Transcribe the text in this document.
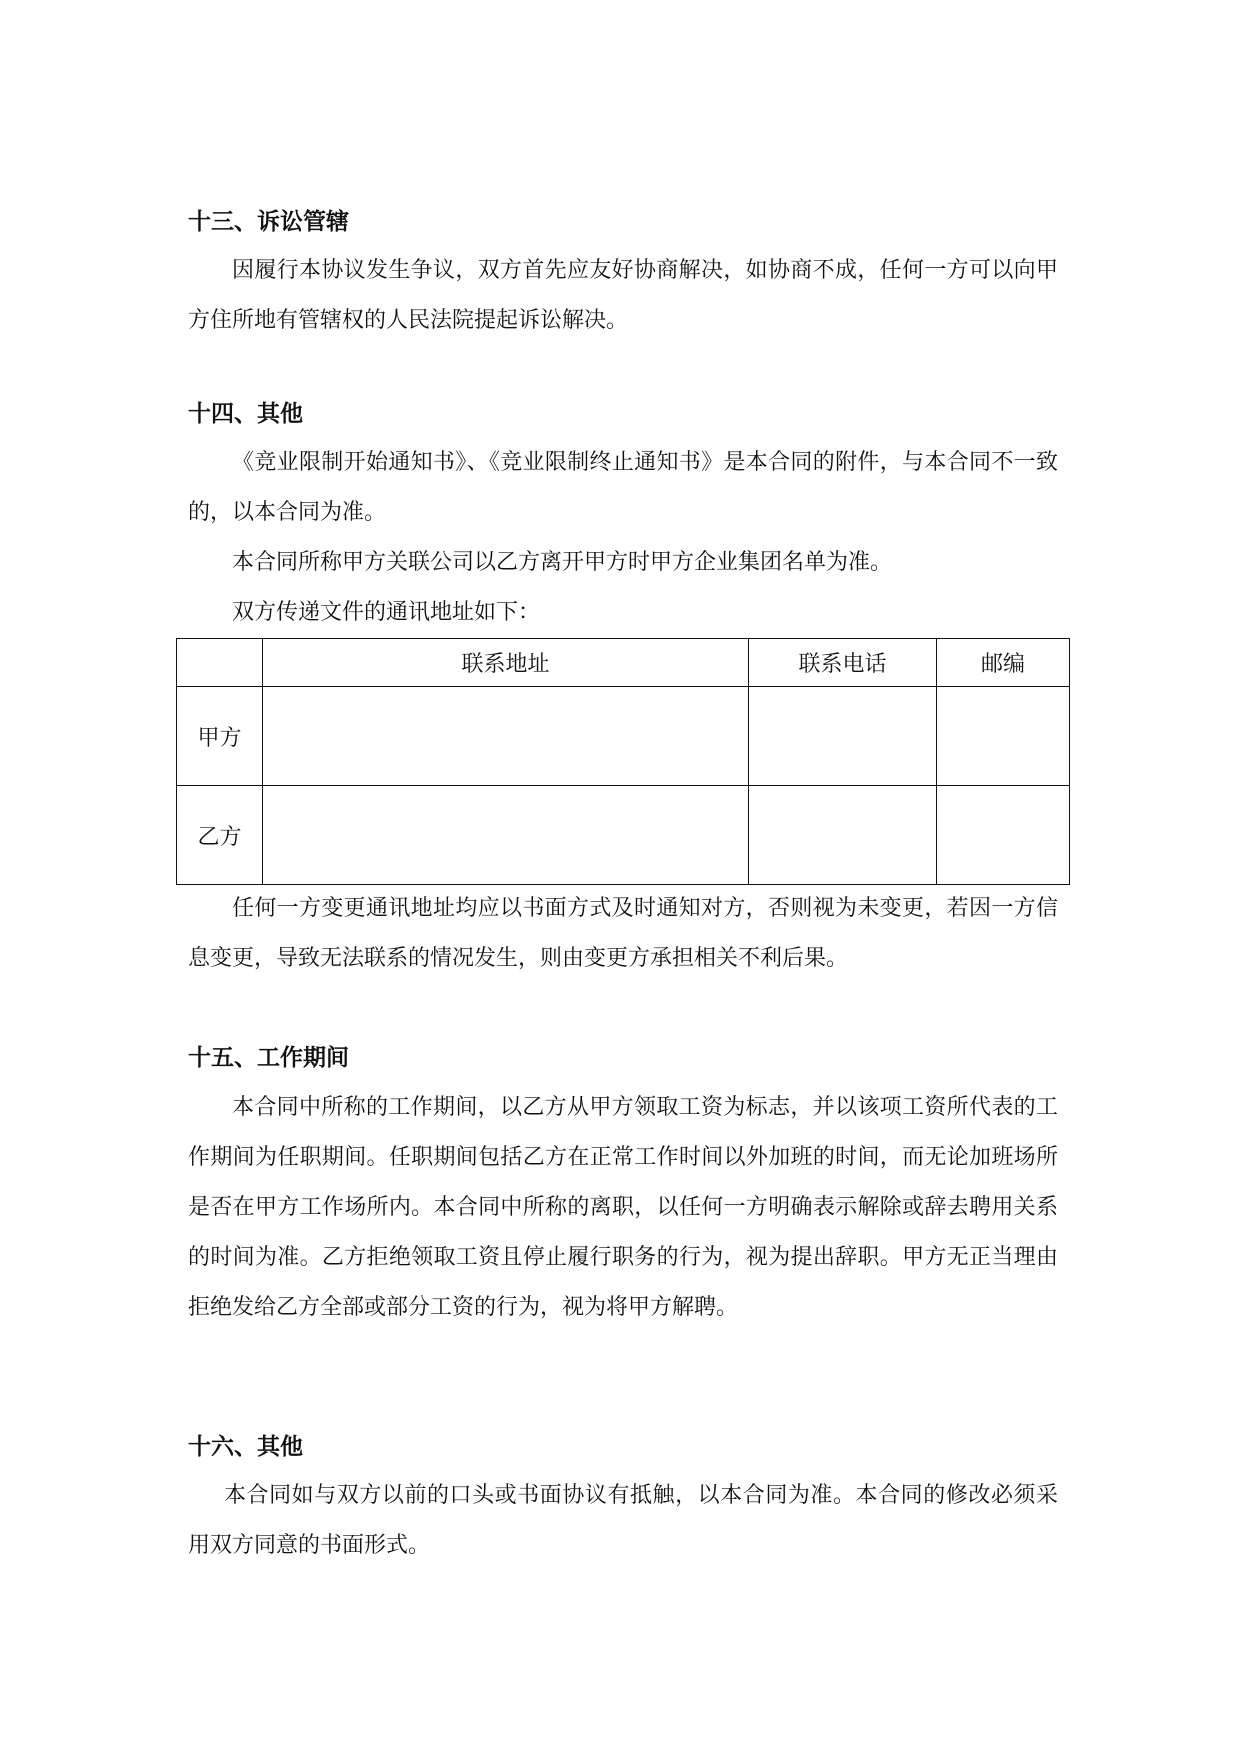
十三、诉讼管辖

因履行本协议发生争议，双方首先应友好协商解决，如协商不成，任何一方可以向甲方住所地有管辖权的人民法院提起诉讼解决。

十四、其他

《竞业限制开始通知书》、《竞业限制终止通知书》是本合同的附件，与本合同不一致的，以本合同为准。

本合同所称甲方关联公司以乙方离开甲方时甲方企业集团名单为准。

双方传递文件的通讯地址如下：

	联系地址	联系电话	邮编
甲方			
乙方			

任何一方变更通讯地址均应以书面方式及时通知对方，否则视为未变更，若因一方信息变更，导致无法联系的情况发生，则由变更方承担相关不利后果。

十五、工作期间

本合同中所称的工作期间，以乙方从甲方领取工资为标志，并以该项工资所代表的工作期间为任职期间。任职期间包括乙方在正常工作时间以外加班的时间，而无论加班场所是否在甲方工作场所内。本合同中所称的离职，以任何一方明确表示解除或辞去聘用关系的时间为准。乙方拒绝领取工资且停止履行职务的行为，视为提出辞职。甲方无正当理由拒绝发给乙方全部或部分工资的行为，视为将甲方解聘。

十六、其他

本合同如与双方以前的口头或书面协议有抵触，以本合同为准。本合同的修改必须采用双方同意的书面形式。
